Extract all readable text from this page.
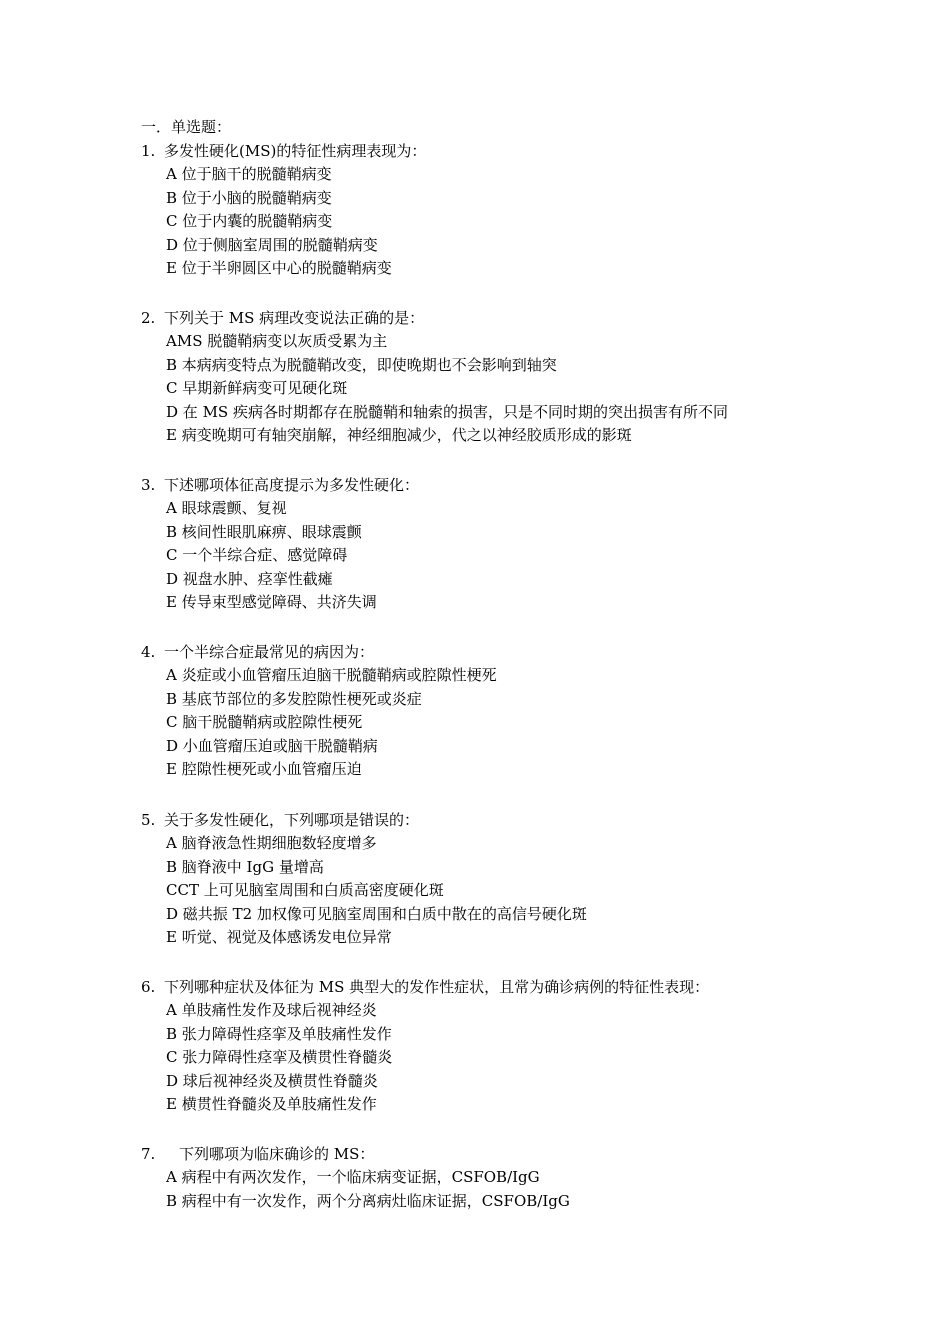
一．单选题：
1. 多发性硬化(MS)的特征性病理表现为：
A 位于脑干的脱髓鞘病变
B 位于小脑的脱髓鞘病变
C 位于内囊的脱髓鞘病变
D 位于侧脑室周围的脱髓鞘病变
E 位于半卵圆区中心的脱髓鞘病变
2. 下列关于 MS 病理改变说法正确的是：
AMS 脱髓鞘病变以灰质受累为主
B 本病病变特点为脱髓鞘改变，即使晚期也不会影响到轴突
C 早期新鲜病变可见硬化斑
D 在 MS 疾病各时期都存在脱髓鞘和轴索的损害，只是不同时期的突出损害有所不同
E 病变晚期可有轴突崩解，神经细胞减少，代之以神经胶质形成的影斑
3. 下述哪项体征高度提示为多发性硬化：
A 眼球震颤、复视
B 核间性眼肌麻痹、眼球震颤
C 一个半综合症、感觉障碍
D 视盘水肿、痉挛性截瘫
E 传导束型感觉障碍、共济失调
4. 一个半综合症最常见的病因为：
A 炎症或小血管瘤压迫脑干脱髓鞘病或腔隙性梗死
B 基底节部位的多发腔隙性梗死或炎症
C 脑干脱髓鞘病或腔隙性梗死
D 小血管瘤压迫或脑干脱髓鞘病
E 腔隙性梗死或小血管瘤压迫
5. 关于多发性硬化，下列哪项是错误的：
A 脑脊液急性期细胞数轻度增多
B 脑脊液中 IgG 量增高
CCT 上可见脑室周围和白质高密度硬化斑
D 磁共振 T2 加权像可见脑室周围和白质中散在的高信号硬化斑
E 听觉、视觉及体感诱发电位异常
6. 下列哪种症状及体征为 MS 典型大的发作性症状，且常为确诊病例的特征性表现：
A 单肢痛性发作及球后视神经炎
B 张力障碍性痉挛及单肢痛性发作
C 张力障碍性痉挛及横贯性脊髓炎
D 球后视神经炎及横贯性脊髓炎
E 横贯性脊髓炎及单肢痛性发作
7.	下列哪项为临床确诊的 MS：
A 病程中有两次发作，一个临床病变证据，CSFOB/IgG
B 病程中有一次发作，两个分离病灶临床证据，CSFOB/IgG
